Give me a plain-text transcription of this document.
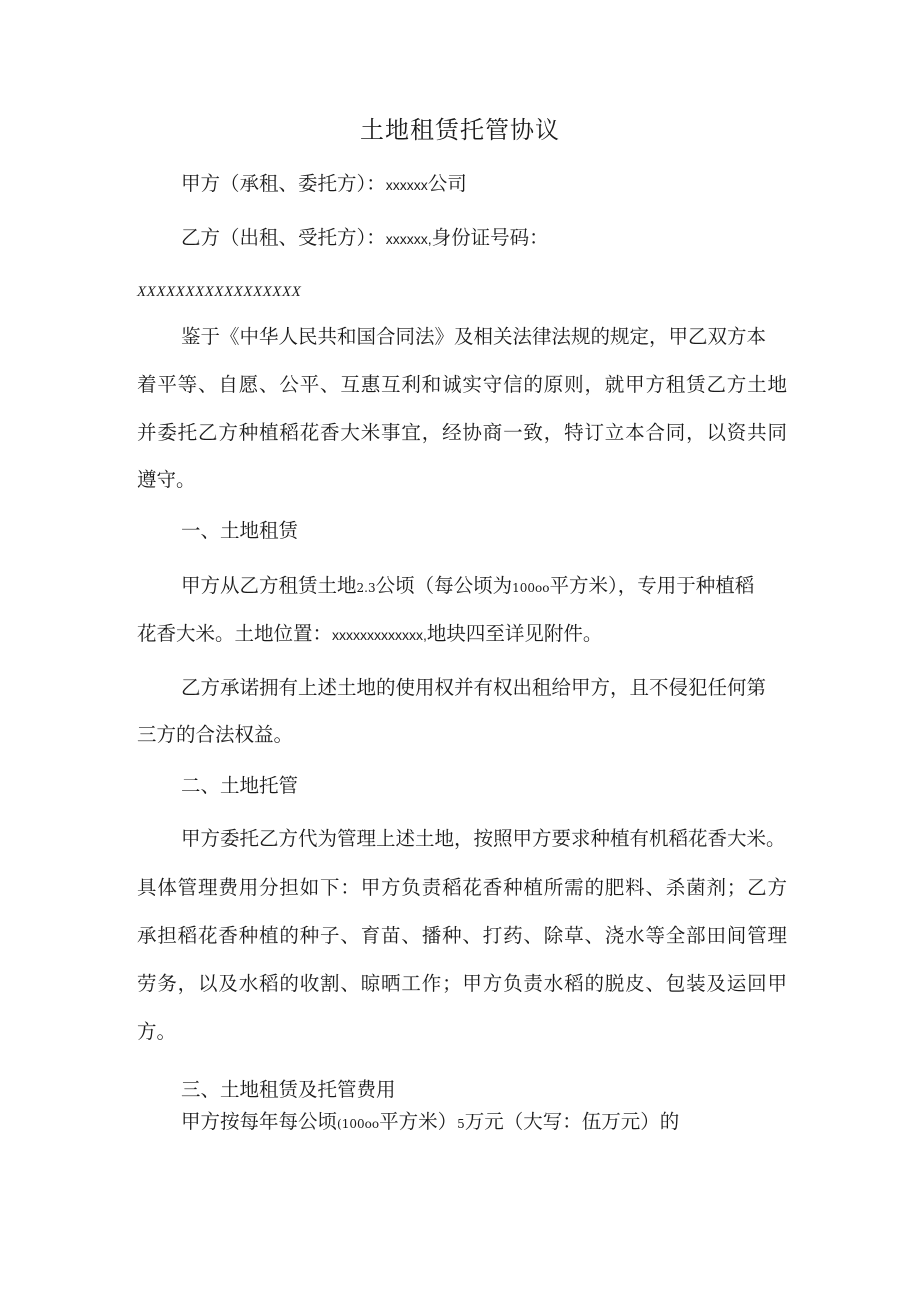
土地租赁托管协议
甲方（承租、委托方）：xxxxxx公司
乙方（出租、受托方）：xxxxxx,身份证号码：
XXXXXXXXXXXXXXXXX
鉴于《中华人民共和国合同法》及相关法律法规的规定，甲乙双方本
着平等、自愿、公平、互惠互利和诚实守信的原则，就甲方租赁乙方土地
并委托乙方种植稻花香大米事宜，经协商一致，特订立本合同，以资共同
遵守。
一、土地租赁
甲方从乙方租赁土地2.3公顷（每公顷为100oo平方米），专用于种植稻
花香大米。土地位置：xxxxxxxxxxxxx,地块四至详见附件。
乙方承诺拥有上述土地的使用权并有权出租给甲方，且不侵犯任何第
三方的合法权益。
二、土地托管
甲方委托乙方代为管理上述土地，按照甲方要求种植有机稻花香大米。
具体管理费用分担如下：甲方负责稻花香种植所需的肥料、杀菌剂；乙方
承担稻花香种植的种子、育苗、播种、打药、除草、浇水等全部田间管理
劳务，以及水稻的收割、晾晒工作；甲方负责水稻的脱皮、包装及运回甲
方。
三、土地租赁及托管费用
甲方按每年每公顷(100oo平方米）5万元（大写：伍万元）的
